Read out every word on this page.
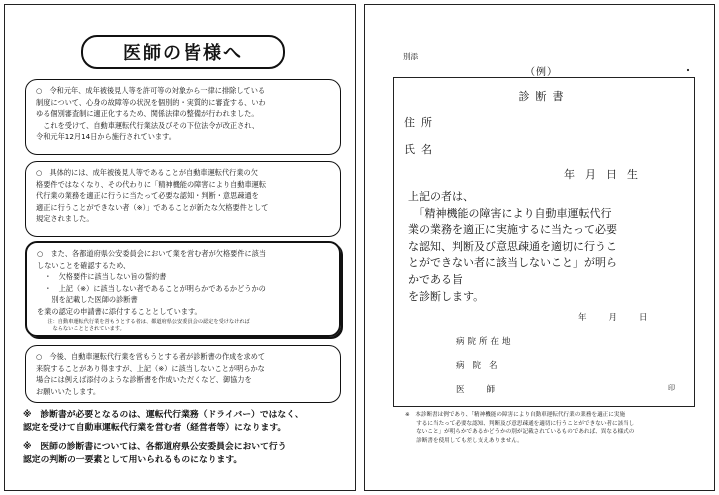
医師の皆様へ

○　令和元年、成年被後見人等を許可等の対象から一律に排除している
制度について、心身の故障等の状況を個別的・実質的に審査する、いわ
ゆる個別審査制に適正化するため、関係法律の整備が行われました。
　これを受けて、自動車運転代行業法及びその下位法令が改正され、
令和元年12月14日から施行されています。

○　具体的には、成年被後見人等であることが自動車運転代行業の欠
格要件ではなくなり、その代わりに「精神機能の障害により自動車運転
代行業の業務を適正に行うに当たって必要な認知・判断・意思疎通を
適正に行うことができない者（※）」であることが新たな欠格要件として
規定されました。

○　また、各都道府県公安委員会において業を営む者が欠格要件に該当
しないことを確認するため、
　・　欠格要件に該当しない旨の誓約書
　・　上記（※）に該当しない者であることが明らかであるかどうかの
　　別を記載した医師の診断書
を業の認定の申請書に添付することとしています。

　　注：自動車運転代行業を営もうとする者は、都道府県公安委員会の認定を受けなければ
　　　ならないこととされています。

○　今後、自動車運転代行業を営もうとする者が診断書の作成を求めて
来院することがあり得ますが、上記（※）に該当しないことが明らかな
場合には例えば添付のような診断書を作成いただくなど、御協力を
お願いいたします。

※　診断書が必要となるのは、運転代行業務（ドライバー）ではなく、
認定を受けて自動車運転代行業を営む者（経営者等）になります。

※　医師の診断書については、各都道府県公安委員会において行う
認定の判断の一要素として用いられるものになります。

別添

（例）

診断書

住所

氏名

年月日生

上記の者は、
　「精神機能の障害により自動車運転代行
業の業務を適正に実施するに当たって必要
な認知、判断及び意思疎通を適切に行うこ
とができない者に該当しないこと」が明ら
かである旨
を診断します。

年月日

病院所在地

病院名

医師	印

※　本診断書は例であり、「精神機能の障害により自動車運転代行業の業務を適正に実施
　　するに当たって必要な認知、判断及び意思疎通を適切に行うことができない者に該当し
　　ないこと」が明らかであるかどうかの別が記載されているものであれば、異なる様式の
　　診断書を使用しても差し支えありません。
